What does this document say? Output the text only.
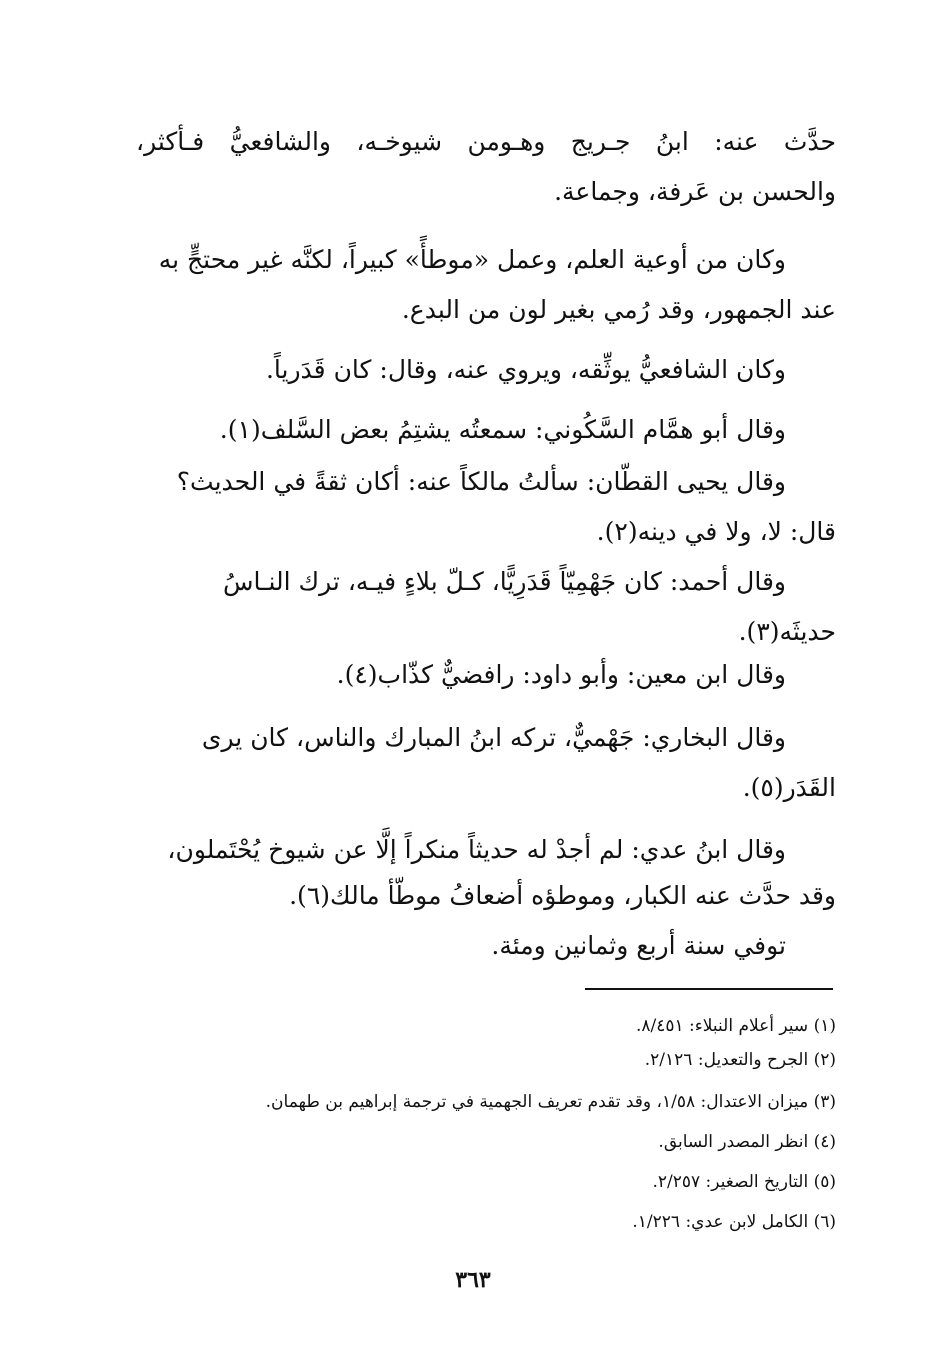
حدَّث عنه: ابنُ جـريج وهـومن شيوخـه، والشافعيُّ فـأكثر،
والحسن بن عَرفة، وجماعة.
وكان من أوعية العلم، وعمل «موطأً» كبيراً، لكنَّه غير محتجٍّ به
عند الجمهور، وقد رُمي بغير لون من البدع.
وكان الشافعيُّ يوثِّقه، ويروي عنه، وقال: كان قَدَرياً.
وقال أبو همَّام السَّكُوني: سمعتُه يشتِمُ بعض السَّلف(١).
وقال يحيى القطّان: سألتُ مالكاً عنه: أكان ثقةً في الحديث؟
قال: لا، ولا في دينه(٢).
وقال أحمد: كان جَهْمِيّاً قَدَرِيًّا، كـلّ بلاءٍ فيـه، ترك النـاسُ
حديثَه(٣).
وقال ابن معين: وأبو داود: رافضيٌّ كذّاب(٤).
وقال البخاري: جَهْميٌّ، تركه ابنُ المبارك والناس، كان يرى
القَدَر(٥).
وقال ابنُ عدي: لم أجدْ له حديثاً منكراً إلَّا عن شيوخ يُحْتَملون،
وقد حدَّث عنه الكبار، وموطؤه أضعافُ موطّأ مالك(٦).
توفي سنة أربع وثمانين ومئة.
(١) سير أعلام النبلاء: ٨/٤٥١.
(٢) الجرح والتعديل: ٢/١٢٦.
(٣) ميزان الاعتدال: ١/٥٨، وقد تقدم تعريف الجهمية في ترجمة إبراهيم بن طهمان.
(٤) انظر المصدر السابق.
(٥) التاريخ الصغير: ٢/٢٥٧.
(٦) الكامل لابن عدي: ١/٢٢٦.
٣٦٣
